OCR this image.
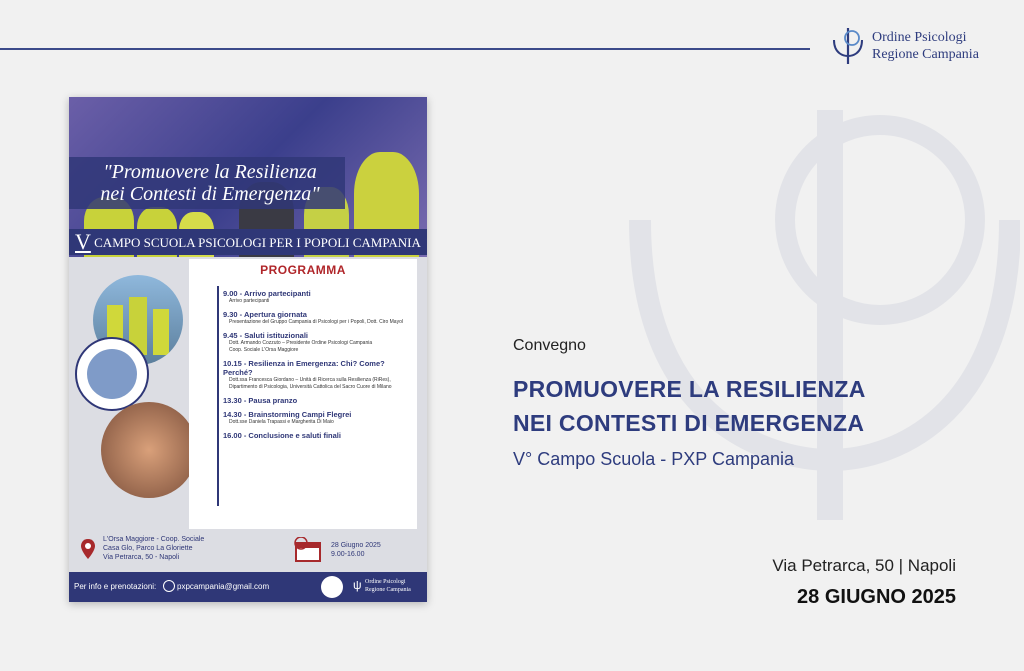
Ordine Psicologi
Regione Campania
"Promuovere la Resilienza
nei Contesti di Emergenza"
V CAMPO SCUOLA PSICOLOGI PER I POPOLI CAMPANIA
PROGRAMMA
9.00 - Arrivo partecipanti
Arrivo partecipanti
9.30 - Apertura giornata
Presentazione del Gruppo Campania di Psicologi per i Popoli, Dott. Ciro Mayol
9.45 - Saluti istituzionali
Dott. Armando Cozzuto – Presidente Ordine Psicologi Campania
Coop. Sociale L'Orsa Maggiore
10.15 - Resilienza in Emergenza: Chi? Come? Perché?
Dott.ssa Francesca Giordano – Unità di Ricerca sulla Resilienza (RiRes), Dipartimento di Psicologia, Università Cattolica del Sacro Cuore di Milano
13.30 - Pausa pranzo
14.30 - Brainstorming Campi Flegrei
Dott.sse Daniela Trapassi e Margherita Di Maio
16.00 - Conclusione e saluti finali
L'Orsa Maggiore - Coop. Sociale
Casa Glo, Parco La Gloriette
Via Petrarca, 50 - Napoli
28 Giugno 2025
9.00-16.00
Per info e prenotazioni:	pxpcampania@gmail.com	ψ Ordine Psicologi
Regione Campania
Convegno
PROMUOVERE LA RESILIENZA
NEI CONTESTI DI EMERGENZA
V° Campo Scuola - PXP Campania
Via Petrarca, 50 | Napoli
28 GIUGNO 2025
